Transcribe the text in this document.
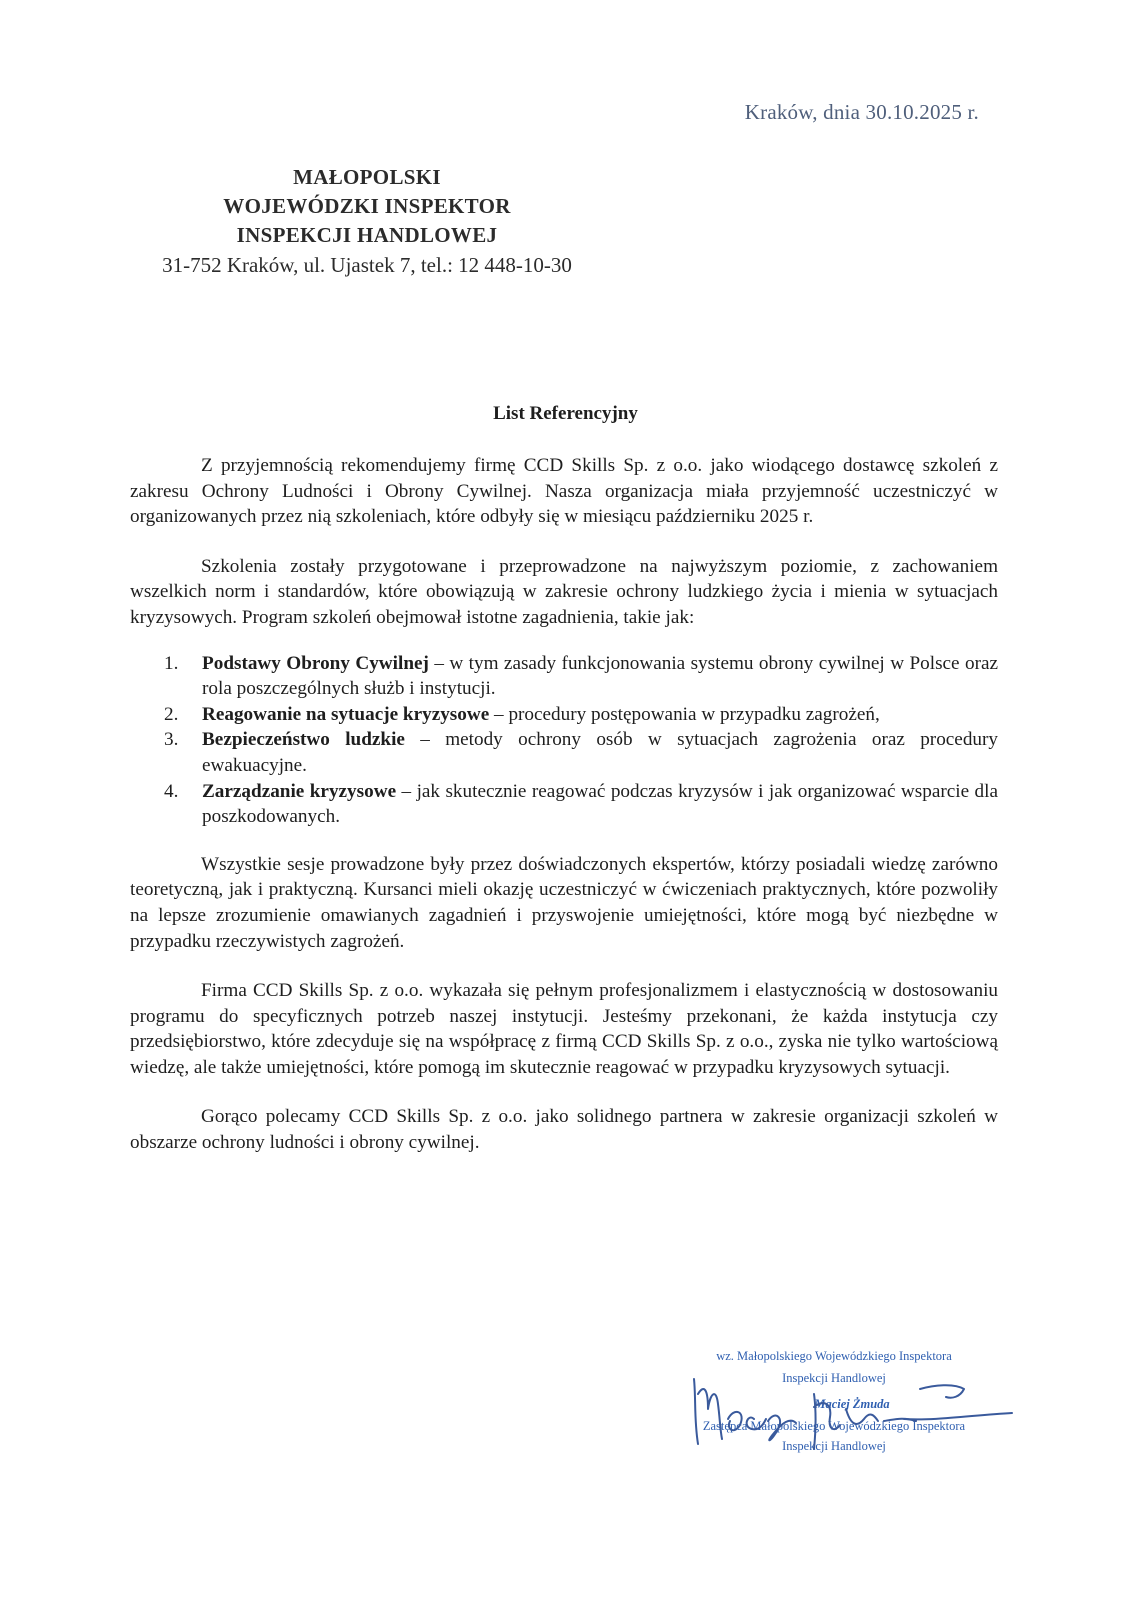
Kraków, dnia 30.10.2025 r.
MAŁOPOLSKI
WOJEWÓDZKI INSPEKTOR
INSPEKCJI HANDLOWEJ
31-752 Kraków, ul. Ujastek 7, tel.: 12 448-10-30
List Referencyjny

Z przyjemnością rekomendujemy firmę CCD Skills Sp. z o.o. jako wiodącego dostawcę szkoleń z zakresu Ochrony Ludności i Obrony Cywilnej. Nasza organizacja miała przyjemność uczestniczyć w organizowanych przez nią szkoleniach, które odbyły się w miesiącu październiku 2025 r.

Szkolenia zostały przygotowane i przeprowadzone na najwyższym poziomie, z zachowaniem wszelkich norm i standardów, które obowiązują w zakresie ochrony ludzkiego życia i mienia w sytuacjach kryzysowych. Program szkoleń obejmował istotne zagadnienia, takie jak:

1. Podstawy Obrony Cywilnej – w tym zasady funkcjonowania systemu obrony cywilnej w Polsce oraz rola poszczególnych służb i instytucji.
2. Reagowanie na sytuacje kryzysowe – procedury postępowania w przypadku zagrożeń,
3. Bezpieczeństwo ludzkie – metody ochrony osób w sytuacjach zagrożenia oraz procedury ewakuacyjne.
4. Zarządzanie kryzysowe – jak skutecznie reagować podczas kryzysów i jak organizować wsparcie dla poszkodowanych.

Wszystkie sesje prowadzone były przez doświadczonych ekspertów, którzy posiadali wiedzę zarówno teoretyczną, jak i praktyczną. Kursanci mieli okazję uczestniczyć w ćwiczeniach praktycznych, które pozwoliły na lepsze zrozumienie omawianych zagadnień i przyswojenie umiejętności, które mogą być niezbędne w przypadku rzeczywistych zagrożeń.

Firma CCD Skills Sp. z o.o. wykazała się pełnym profesjonalizmem i elastycznością w dostosowaniu programu do specyficznych potrzeb naszej instytucji. Jesteśmy przekonani, że każda instytucja czy przedsiębiorstwo, które zdecyduje się na współpracę z firmą CCD Skills Sp. z o.o., zyska nie tylko wartościową wiedzę, ale także umiejętności, które pomogą im skutecznie reagować w przypadku kryzysowych sytuacji.

Gorąco polecamy CCD Skills Sp. z o.o. jako solidnego partnera w zakresie organizacji szkoleń w obszarze ochrony ludności i obrony cywilnej.

wz. Małopolskiego Wojewódzkiego Inspektora
Inspekcji Handlowej
Maciej Żmuda
Zastępca Małopolskiego Wojewódzkiego Inspektora
Inspekcji Handlowej
